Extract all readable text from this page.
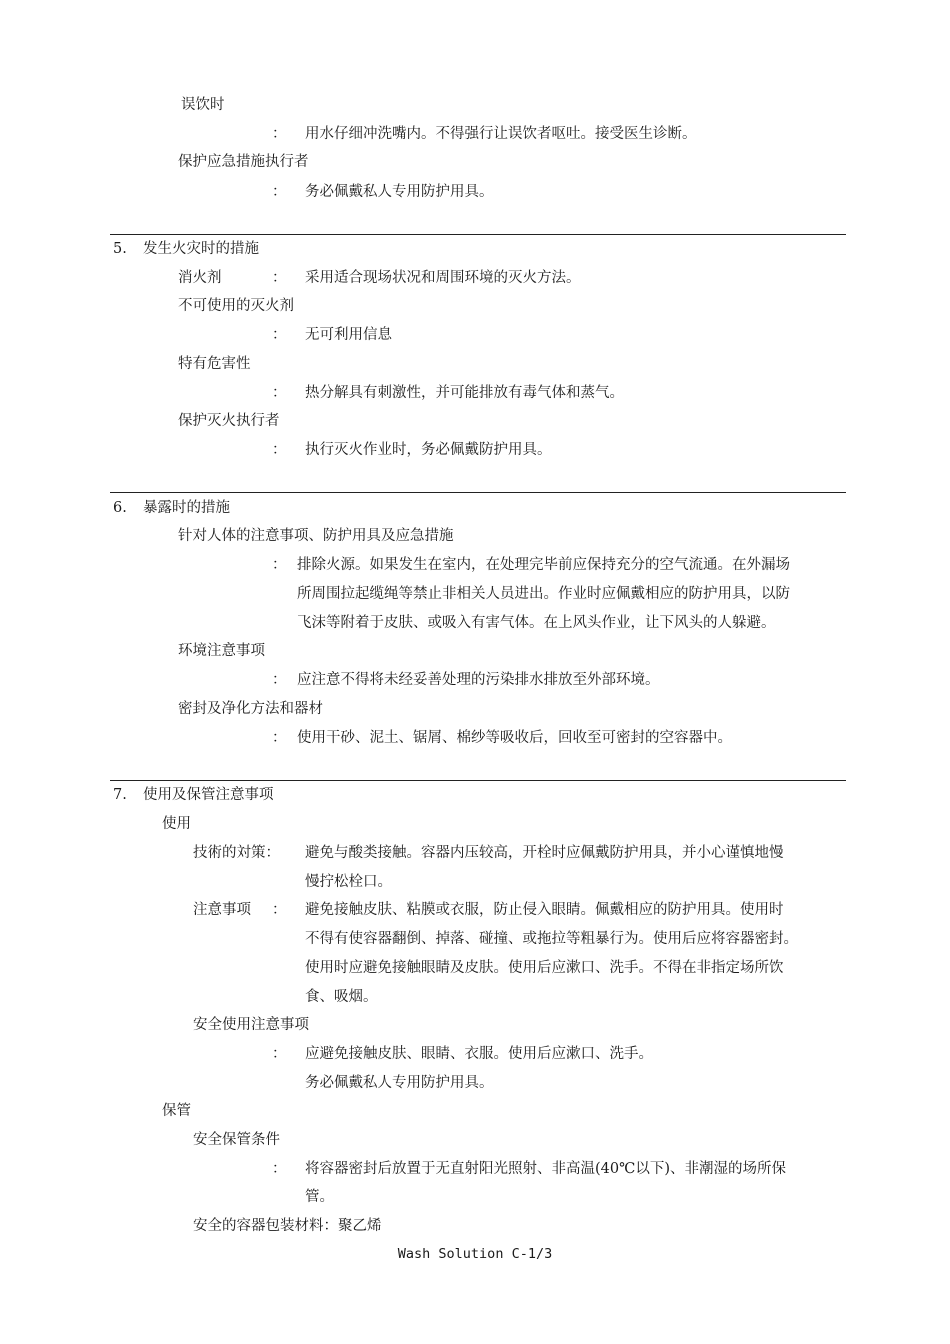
误饮时
： 用水仔细冲洗嘴内。不得强行让误饮者呕吐。接受医生诊断。
保护应急措施执行者
： 务必佩戴私人专用防护用具。
5. 发生火灾时的措施
消火剂	： 采用适合现场状况和周围环境的灭火方法。
不可使用的灭火剂
： 无可利用信息
特有危害性
： 热分解具有刺激性，并可能排放有毒气体和蒸气。
保护灭火执行者
： 执行灭火作业时，务必佩戴防护用具。
6. 暴露时的措施
针对人体的注意事项、防护用具及应急措施
： 排除火源。如果发生在室内，在处理完毕前应保持充分的空气流通。在外漏场
所周围拉起缆绳等禁止非相关人员进出。作业时应佩戴相应的防护用具，以防
飞沫等附着于皮肤、或吸入有害气体。在上风头作业，让下风头的人躲避。
环境注意事项
： 应注意不得将未经妥善处理的污染排水排放至外部环境。
密封及净化方法和器材
： 使用干砂、泥土、锯屑、棉纱等吸收后，回收至可密封的空容器中。
7. 使用及保管注意事项
使用
技術的対策： 避免与酸类接触。容器内压较高，开栓时应佩戴防护用具，并小心谨慎地慢
慢拧松栓口。
注意事项 ： 避免接触皮肤、粘膜或衣服，防止侵入眼睛。佩戴相应的防护用具。使用时
不得有使容器翻倒、掉落、碰撞、或拖拉等粗暴行为。使用后应将容器密封。
使用时应避免接触眼睛及皮肤。使用后应漱口、洗手。不得在非指定场所饮
食、吸烟。
安全使用注意事项
： 应避免接触皮肤、眼睛、衣服。使用后应漱口、洗手。
务必佩戴私人专用防护用具。
保管
安全保管条件
： 将容器密封后放置于无直射阳光照射、非高温(40℃以下)、非潮湿的场所保
管。
安全的容器包装材料：聚乙烯
Wash Solution C-1/3
